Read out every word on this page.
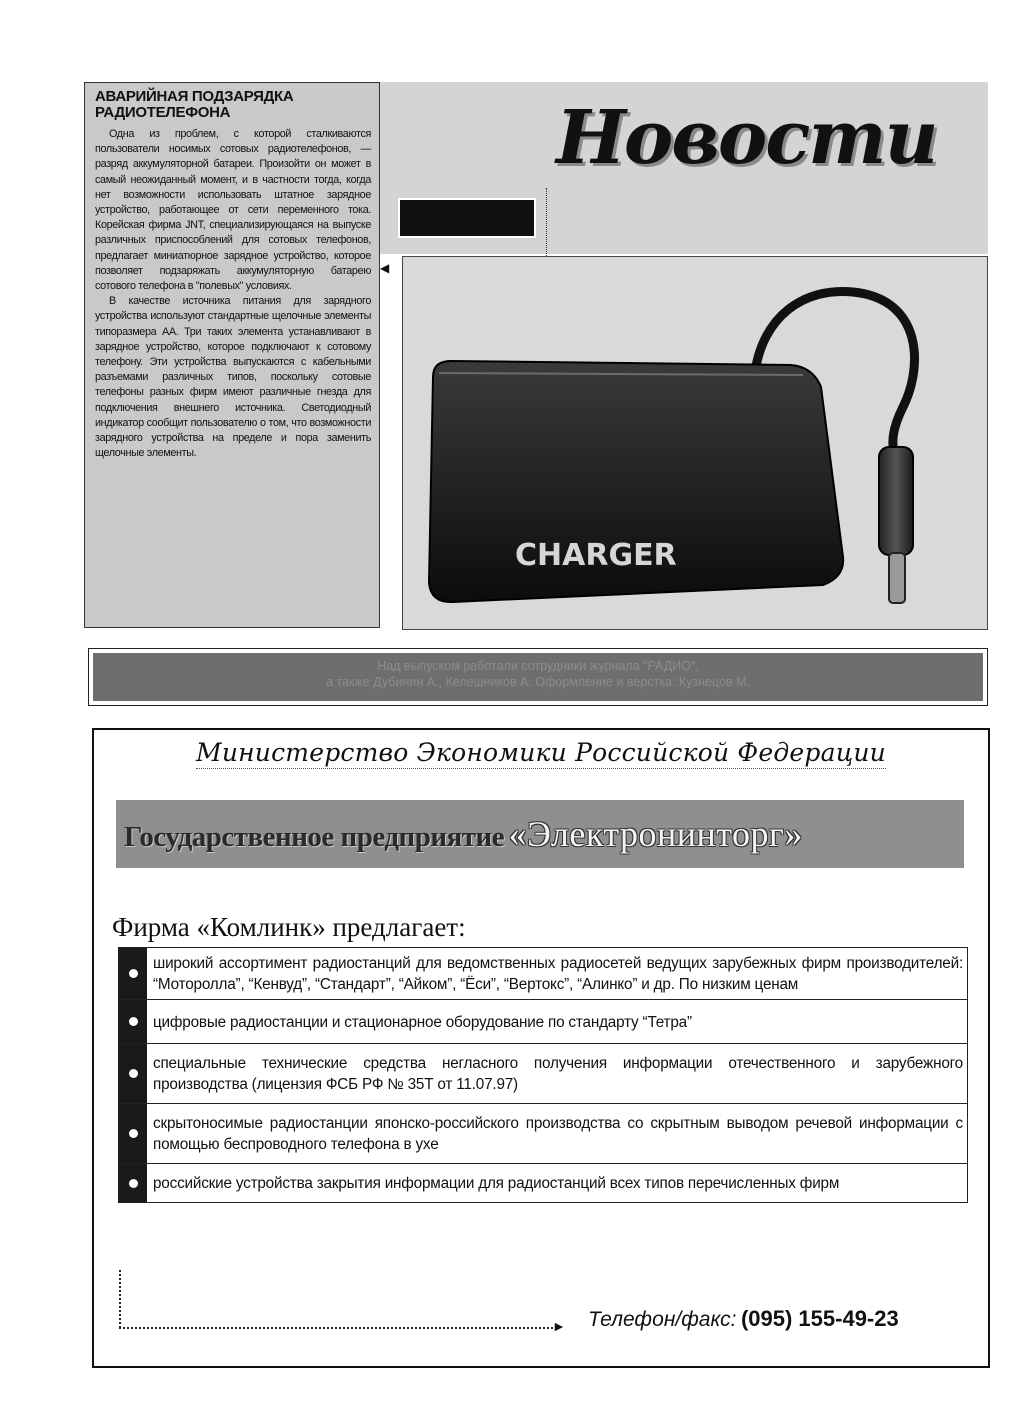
АВАРИЙНАЯ ПОДЗАРЯДКА РАДИОТЕЛЕФОНА

Одна из проблем, с которой сталкиваются пользователи носимых сотовых радиотелефонов, — разряд аккумуляторной батареи. Произойти он может в самый неожиданный момент, и в частности тогда, когда нет возможности использовать штатное зарядное устройство, работающее от сети переменного тока. Корейская фирма JNT, специализирующаяся на выпуске различных приспособлений для сотовых телефонов, предлагает миниатюрное зарядное устройство, которое позволяет подзаряжать аккумуляторную батарею сотового телефона в "полевых" условиях.

В качестве источника питания для зарядного устройства используют стандартные щелочные элементы типоразмера АА. Три таких элемента устанавливают в зарядное устройство, которое подключают к сотовому телефону. Эти устройства выпускаются с кабельными разъемами различных типов, поскольку сотовые телефоны разных фирм имеют различные гнезда для подключения внешнего источника. Светодиодный индикатор сообщит пользователю о том, что возможности зарядного устройства на пределе и пора заменить щелочные элементы.

Новости
◀
CHARGER
Над выпуском работали сотрудники журнала "РАДИО",
а также Дубинин А., Келешников А. Оформление и верстка: Кузнецов М.
Министерство Экономики Российской Федерации
Государственное предприятие «Электронинторг»
Фирма «Комлинк» предлагает:
широкий ассортимент радиостанций для ведомственных радиосетей ведущих зарубежных фирм производителей: “Моторолла”, “Кенвуд”, “Стандарт”, “Айком”, “Ёси”, “Вертокс”, “Алинко” и др. По низким ценам
цифровые радиостанции и стационарное оборудование по стандарту “Тетра”
специальные технические средства негласного получения информации отечественного и зарубежного производства (лицензия ФСБ РФ № 35Т от 11.07.97)
скрытоносимые радиостанции японско-российского производства со скрытным выводом речевой информации с помощью беспроводного телефона в ухе
российские устройства закрытия информации для радиостанций всех типов перечисленных фирм
► Телефон/факс: (095) 155-49-23
